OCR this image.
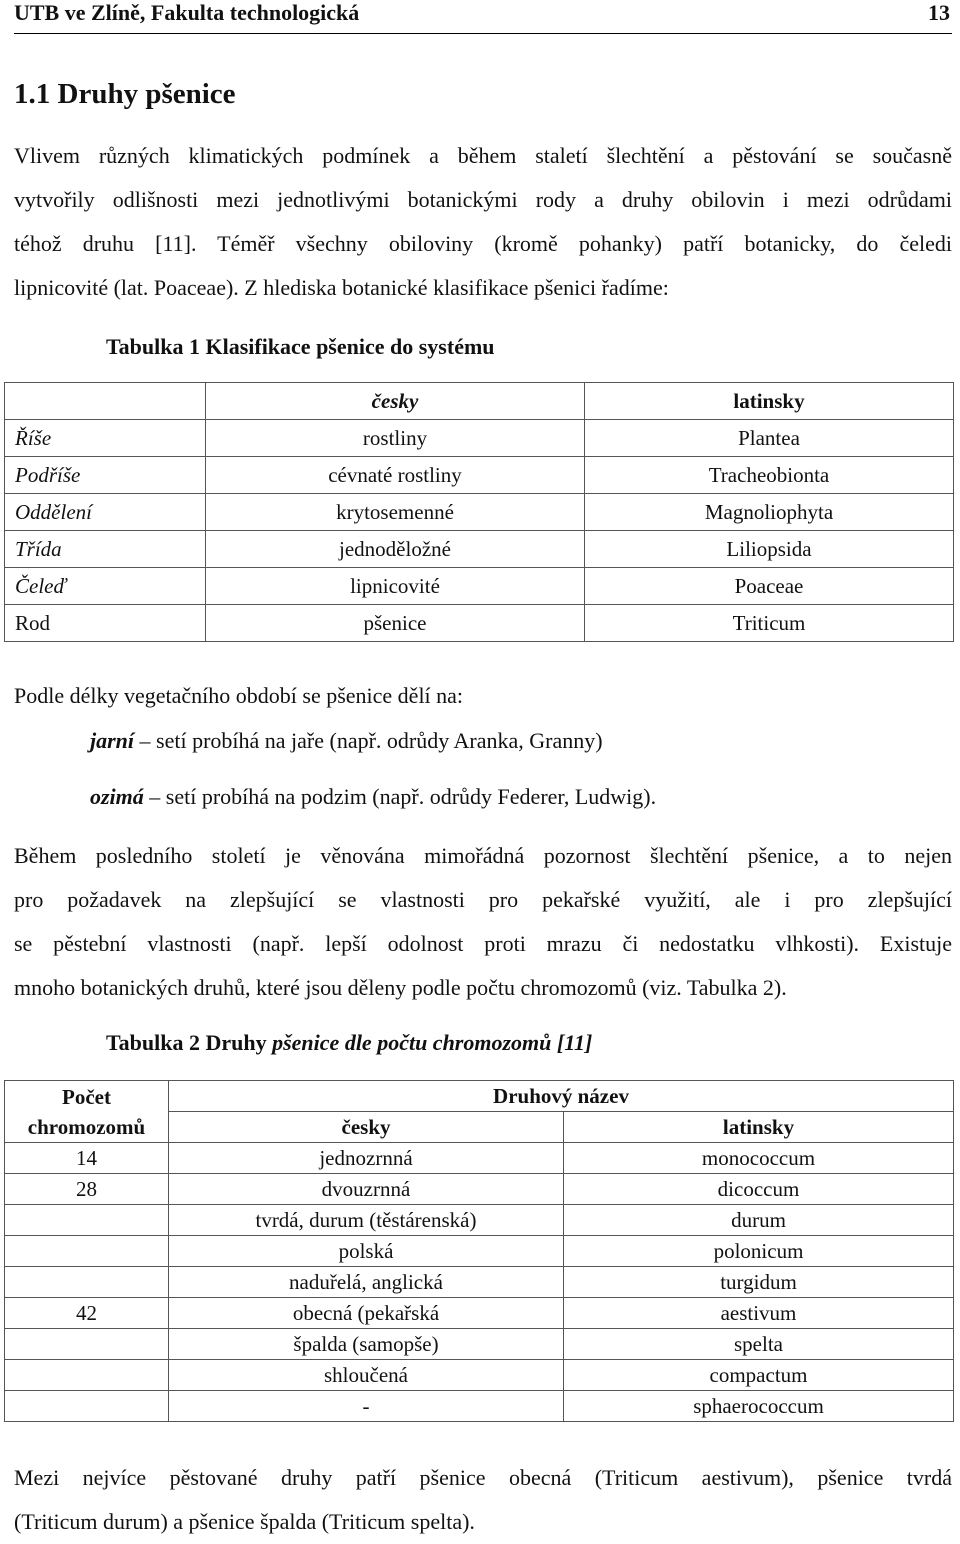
UTB ve Zlíně, Fakulta technologická	13
1.1 Druhy pšenice
Vlivem různých klimatických podmínek a během staletí šlechtění a pěstování se současně
vytvořily odlišnosti mezi jednotlivými botanickými rody a druhy obilovin i mezi odrůdami
téhož druhu [11]. Téměř všechny obiloviny (kromě pohanky) patří botanicky, do čeledi
lipnicovité (lat. Poaceae). Z hlediska botanické klasifikace pšenici řadíme:
Tabulka 1 Klasifikace pšenice do systému
	česky	latinsky
Říše	rostliny	Plantea
Podříše	cévnaté rostliny	Tracheobionta
Oddělení	krytosemenné	Magnoliophyta
Třída	jednoděložné	Liliopsida
Čeleď	lipnicovité	Poaceae
Rod	pšenice	Triticum
Podle délky vegetačního období se pšenice dělí na:
jarní – setí probíhá na jaře (např. odrůdy Aranka, Granny)
ozimá – setí probíhá na podzim (např. odrůdy Federer, Ludwig).
Během posledního století je věnována mimořádná pozornost šlechtění pšenice, a to nejen
pro požadavek na zlepšující se vlastnosti pro pekařské využití, ale i pro zlepšující
se pěstební vlastnosti (např. lepší odolnost proti mrazu či nedostatku vlhkosti). Existuje
mnoho botanických druhů, které jsou děleny podle počtu chromozomů (viz. Tabulka 2).
Tabulka 2 Druhy pšenice dle počtu chromozomů [11]
Počet chromozomů	Druhový název	
	česky	latinsky
14	jednozrnná	monococcum
28	dvouzrnná	dicoccum
	tvrdá, durum (těstárenská)	durum
	polská	polonicum
	naduřelá, anglická	turgidum
42	obecná (pekařská	aestivum
	špalda (samopše)	spelta
	shloučená	compactum
	-	sphaerococcum
Mezi nejvíce pěstované druhy patří pšenice obecná (Triticum aestivum), pšenice tvrdá
(Triticum durum) a pšenice špalda (Triticum spelta).
